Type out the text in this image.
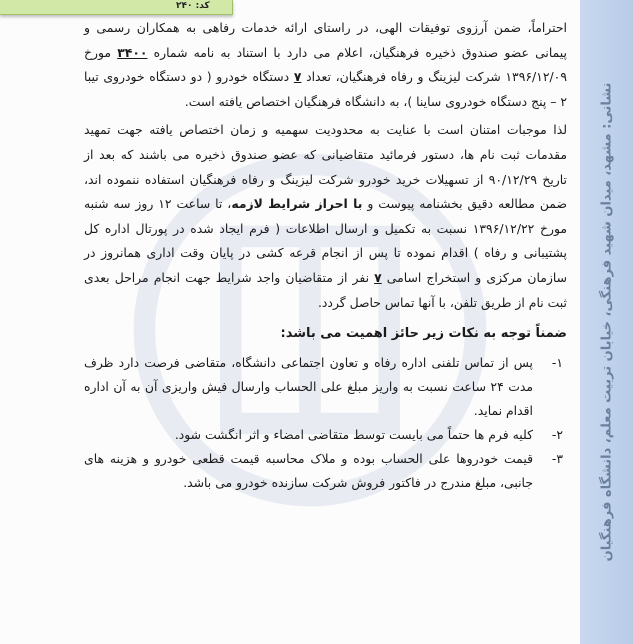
کد: ۲۴۰
نشانی: مشهد، میدان شهید فرهنگی، خیابان تربیت معلم، دانشگاه فرهنگیان

احتراماً، ضمن آرزوی توفیقات الهی، در راستای ارائه خدمات رفاهی به همکاران رسمی و پیمانی عضو صندوق ذخیره فرهنگیان، اعلام می دارد با استناد به نامه شماره ۳۴۰۰ مورخ ۱۳۹۶/۱۲/۰۹ شرکت لیزینگ و رفاه فرهنگیان، تعداد ۷ دستگاه خودرو ( دو دستگاه خودروی تیبا ۲ – پنج دستگاه خودروی ساینا )، به دانشگاه فرهنگیان اختصاص یافته است.

لذا موجبات امتنان است با عنایت به محدودیت سهمیه و زمان اختصاص یافته جهت تمهید مقدمات ثبت نام ها، دستور فرمائید متقاضیانی که عضو صندوق ذخیره می باشند که بعد از تاریخ ۹۰/۱۲/۲۹ از تسهیلات خرید خودرو شرکت لیزینگ و رفاه فرهنگیان استفاده ننموده اند، ضمن مطالعه دقیق بخشنامه پیوست و با احراز شرایط لازمه، تا ساعت ۱۲ روز سه شنبه مورخ ۱۳۹۶/۱۲/۲۲ نسبت به تکمیل و ارسال اطلاعات ( فرم ایجاد شده در پورتال اداره کل پشتیبانی و رفاه ) اقدام نموده تا پس از انجام قرعه کشی در پایان وقت اداری همانروز در سازمان مرکزی و استخراج اسامی ۷ نفر از متقاضیان واجد شرایط جهت انجام مراحل بعدی ثبت نام از طریق تلفن، با آنها تماس حاصل گردد.

ضمناً توجه به نکات زیر حائز اهمیت می باشد:

۱-
پس از تماس تلفنی اداره رفاه و تعاون اجتماعی دانشگاه، متقاضی فرصت دارد ظرف مدت ۲۴ ساعت نسبت به واریز مبلغ علی الحساب وارسال فیش واریزی آن به آن اداره اقدام نماید.
۲-
کلیه فرم ها حتماً می بایست توسط متقاضی امضاء و اثر انگشت شود.
۳-
قیمت خودروها علی الحساب بوده و ملاک محاسبه قیمت قطعی خودرو و هزینه های جانبی، مبلغ مندرج در فاکتور فروش شرکت سازنده خودرو می باشد.
